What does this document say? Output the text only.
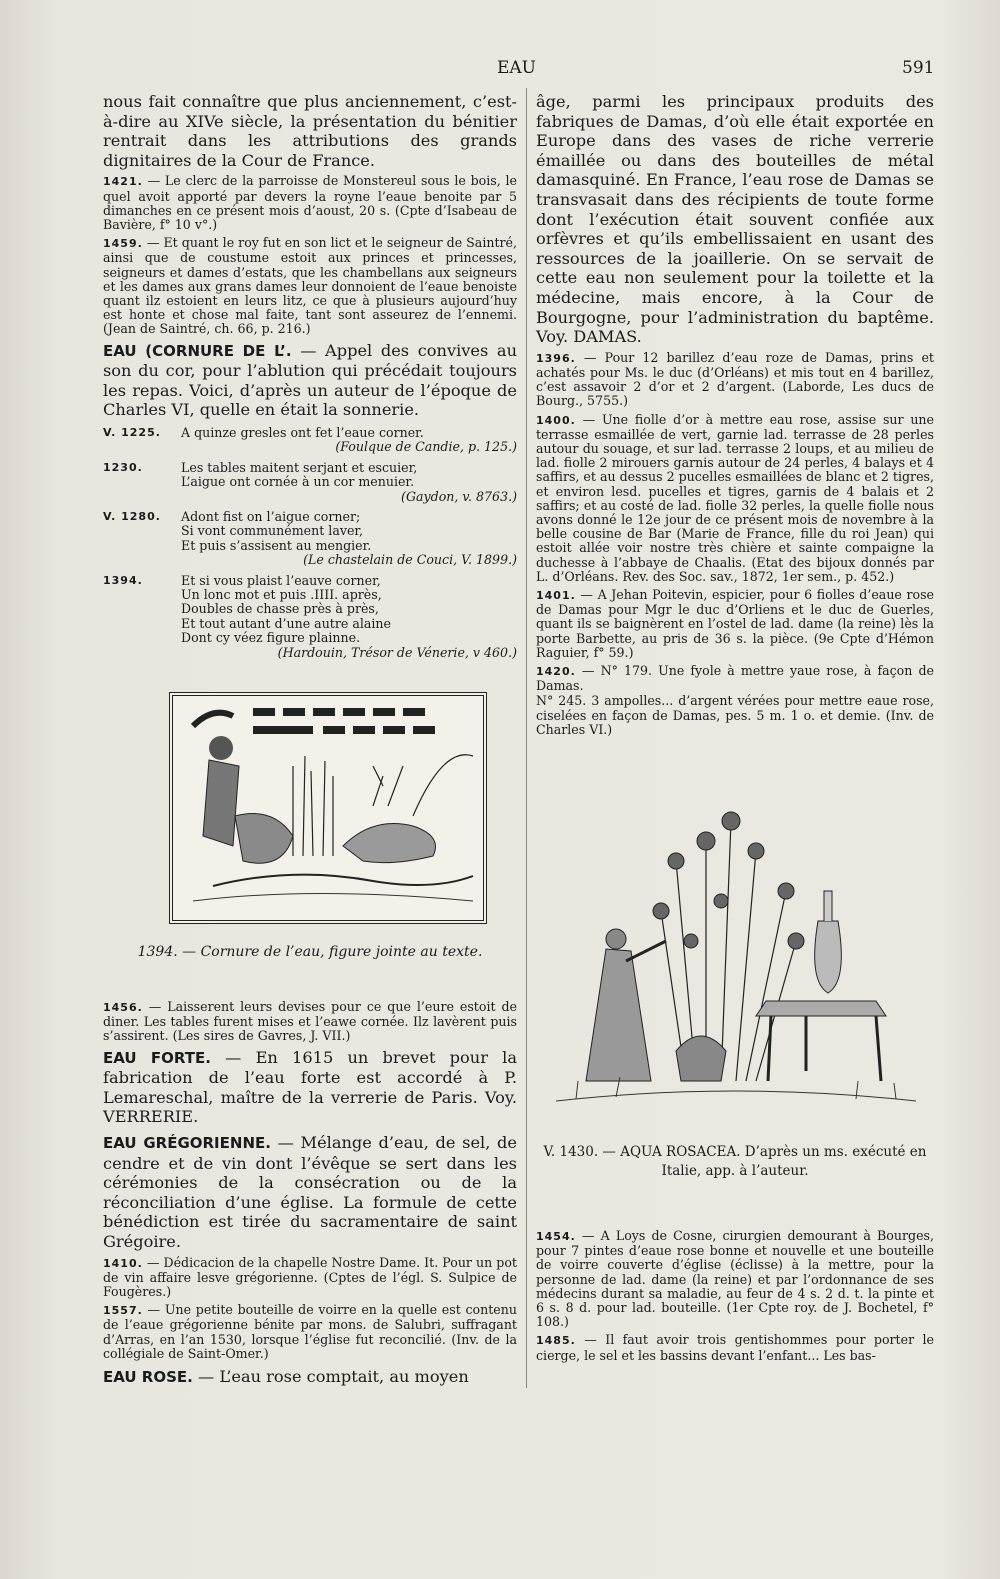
EAU	591

nous fait connaître que plus anciennement, c’est-à-dire au XIVe siècle, la présentation du bénitier rentrait dans les attributions des grands dignitaires de la Cour de France.

1421. — Le clerc de la parroisse de Monstereul sous le bois, le quel avoit apporté par devers la royne l’eaue benoite par 5 dimanches en ce présent mois d’aoust, 20 s. (Cpte d’Isabeau de Bavière, f° 10 v°.)

1459. — Et quant le roy fut en son lict et le seigneur de Saintré, ainsi que de coustume estoit aux princes et princesses, seigneurs et dames d’estats, que les chambellans aux seigneurs et les dames aux grans dames leur donnoient de l’eaue benoiste quant ilz estoient en leurs litz, ce que à plusieurs aujourd’huy est honte et chose mal faite, tant sont asseurez de l’ennemi. (Jean de Saintré, ch. 66, p. 216.)

EAU (CORNURE DE L’. — Appel des convives au son du cor, pour l’ablution qui précédait toujours les repas. Voici, d’après un auteur de l’époque de Charles VI, quelle en était la sonnerie.

V. 1225.	A quinze gresles ont fet l’eaue corner.
(Foulque de Candie, p. 125.)
1230.	Les tables maitent serjant et escuier,
L’aigue ont cornée à un cor menuier.
(Gaydon, v. 8763.)
V. 1280.	Adont fist on l’aigue corner;
Si vont communément laver,
Et puis s’assisent au mengier.
(Le chastelain de Couci, V. 1899.)
1394.	Et si vous plaist l’eauve corner,
Un lonc mot et puis .IIII. après,
Doubles de chasse près à près,
Et tout autant d’une autre alaine
Dont cy véez figure plainne.
(Hardouin, Trésor de Vénerie, v 460.)
1394. — Cornure de l’eau, figure jointe au texte.

1456. — Laisserent leurs devises pour ce que l’eure estoit de diner. Les tables furent mises et l’eawe cornée. Ilz lavèrent puis s’assirent. (Les sires de Gavres, J. VII.)

EAU FORTE. — En 1615 un brevet pour la fabrication de l’eau forte est accordé à P. Lemareschal, maître de la verrerie de Paris. Voy. VERRERIE.

EAU GRÉGORIENNE. — Mélange d’eau, de sel, de cendre et de vin dont l’évêque se sert dans les cérémonies de la consécration ou de la réconciliation d’une église. La formule de cette bénédiction est tirée du sacramentaire de saint Grégoire.

1410. — Dédicacion de la chapelle Nostre Dame. It. Pour un pot de vin affaire lesve grégorienne. (Cptes de l’égl. S. Sulpice de Fougères.)

1557. — Une petite bouteille de voirre en la quelle est contenu de l’eaue grégorienne bénite par mons. de Salubri, suffragant d’Arras, en l’an 1530, lorsque l’église fut reconcilié. (Inv. de la collégiale de Saint-Omer.)

EAU ROSE. — L’eau rose comptait, au moyen

âge, parmi les principaux produits des fabriques de Damas, d’où elle était exportée en Europe dans des vases de riche verrerie émaillée ou dans des bouteilles de métal damasquiné. En France, l’eau rose de Damas se transvasait dans des récipients de toute forme dont l’exécution était souvent confiée aux orfèvres et qu’ils embellissaient en usant des ressources de la joaillerie. On se servait de cette eau non seulement pour la toilette et la médecine, mais encore, à la Cour de Bourgogne, pour l’administration du baptême. Voy. DAMAS.

1396. — Pour 12 barillez d’eau roze de Damas, prins et achatés pour Ms. le duc (d’Orléans) et mis tout en 4 barillez, c’est assavoir 2 d’or et 2 d’argent. (Laborde, Les ducs de Bourg., 5755.)

1400. — Une fiolle d’or à mettre eau rose, assise sur une terrasse esmaillée de vert, garnie lad. terrasse de 28 perles autour du souage, et sur lad. terrasse 2 loups, et au milieu de lad. fiolle 2 mirouers garnis autour de 24 perles, 4 balays et 4 saffirs, et au dessus 2 pucelles esmaillées de blanc et 2 tigres, et environ lesd. pucelles et tigres, garnis de 4 balais et 2 saffirs; et au costé de lad. fiolle 32 perles, la quelle fiolle nous avons donné le 12e jour de ce présent mois de novembre à la belle cousine de Bar (Marie de France, fille du roi Jean) qui estoit allée voir nostre très chière et sainte compaigne la duchesse à l’abbaye de Chaalis. (Etat des bijoux donnés par L. d’Orléans. Rev. des Soc. sav., 1872, 1er sem., p. 452.)

1401. — A Jehan Poitevin, espicier, pour 6 fiolles d’eaue rose de Damas pour Mgr le duc d’Orliens et le duc de Guerles, quant ils se baignèrent en l’ostel de lad. dame (la reine) lès la porte Barbette, au pris de 36 s. la pièce. (9e Cpte d’Hémon Raguier, f° 59.)

1420. — N° 179. Une fyole à mettre yaue rose, à façon de Damas.

N° 245. 3 ampolles... d’argent vérées pour mettre eaue rose, ciselées en façon de Damas, pes. 5 m. 1 o. et demie. (Inv. de Charles VI.)

V. 1430. — AQUA ROSACEA. D’après un ms. exécuté en Italie, app. à l’auteur.

1454. — A Loys de Cosne, cirurgien demourant à Bourges, pour 7 pintes d’eaue rose bonne et nouvelle et une bouteille de voirre couverte d’église (éclisse) à la mettre, pour la personne de lad. dame (la reine) et par l’ordonnance de ses médecins durant sa maladie, au feur de 4 s. 2 d. t. la pinte et 6 s. 8 d. pour lad. bouteille. (1er Cpte roy. de J. Bochetel, f° 108.)

1485. — Il faut avoir trois gentishommes pour porter le cierge, le sel et les bassins devant l’enfant... Les bas-
